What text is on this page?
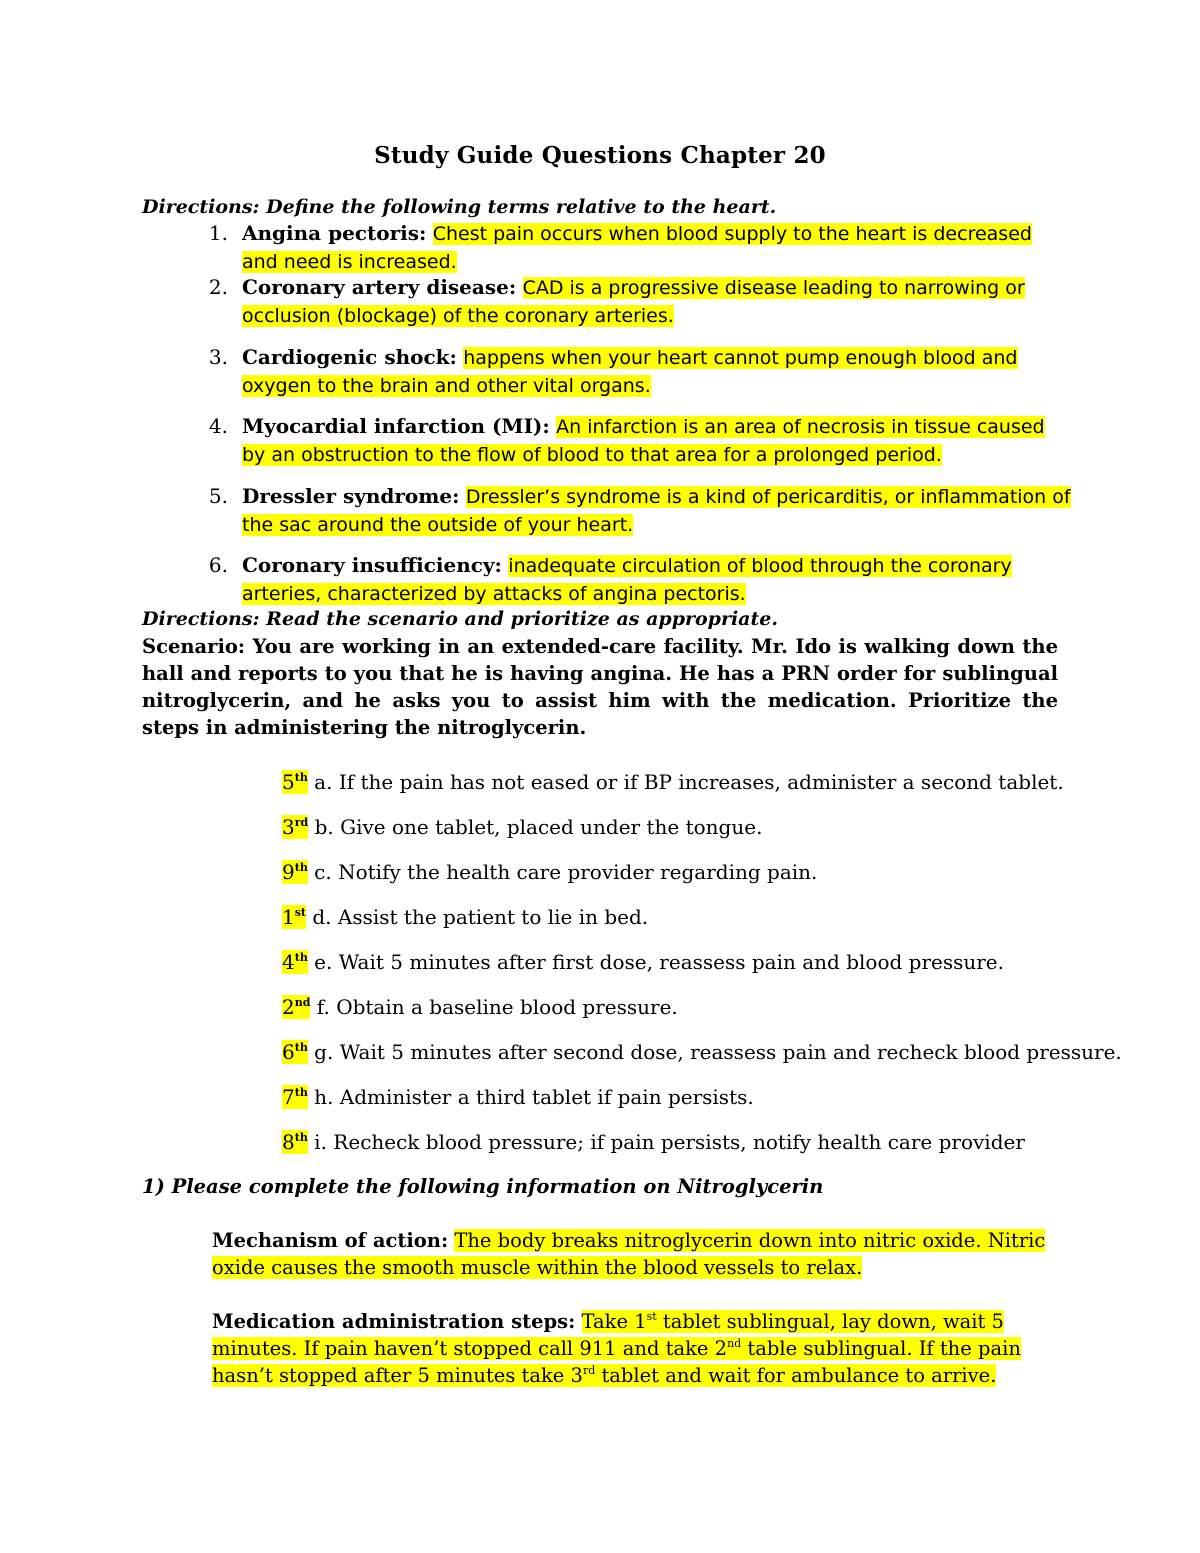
Study Guide Questions Chapter 20
Directions: Define the following terms relative to the heart.
1. Angina pectoris: Chest pain occurs when blood supply to the heart is decreased and need is increased.
2. Coronary artery disease: CAD is a progressive disease leading to narrowing or occlusion (blockage) of the coronary arteries.
3. Cardiogenic shock: happens when your heart cannot pump enough blood and oxygen to the brain and other vital organs.
4. Myocardial infarction (MI): An infarction is an area of necrosis in tissue caused by an obstruction to the flow of blood to that area for a prolonged period.
5. Dressler syndrome: Dressler’s syndrome is a kind of pericarditis, or inflammation of the sac around the outside of your heart.
6. Coronary insufficiency: inadequate circulation of blood through the coronary arteries, characterized by attacks of angina pectoris.
Directions: Read the scenario and prioritize as appropriate.
Scenario: You are working in an extended-care facility. Mr. Ido is walking down the hall and reports to you that he is having angina. He has a PRN order for sublingual nitroglycerin, and he asks you to assist him with the medication. Prioritize the steps in administering the nitroglycerin.
5th a. If the pain has not eased or if BP increases, administer a second tablet.
3rd b. Give one tablet, placed under the tongue.
9th c. Notify the health care provider regarding pain.
1st d. Assist the patient to lie in bed.
4th e. Wait 5 minutes after first dose, reassess pain and blood pressure.
2nd f. Obtain a baseline blood pressure.
6th g. Wait 5 minutes after second dose, reassess pain and recheck blood pressure.
7th h. Administer a third tablet if pain persists.
8th i. Recheck blood pressure; if pain persists, notify health care provider
1) Please complete the following information on Nitroglycerin
Mechanism of action: The body breaks nitroglycerin down into nitric oxide. Nitric oxide causes the smooth muscle within the blood vessels to relax.
Medication administration steps: Take 1st tablet sublingual, lay down, wait 5 minutes. If pain haven’t stopped call 911 and take 2nd table sublingual. If the pain hasn’t stopped after 5 minutes take 3rd tablet and wait for ambulance to arrive.
